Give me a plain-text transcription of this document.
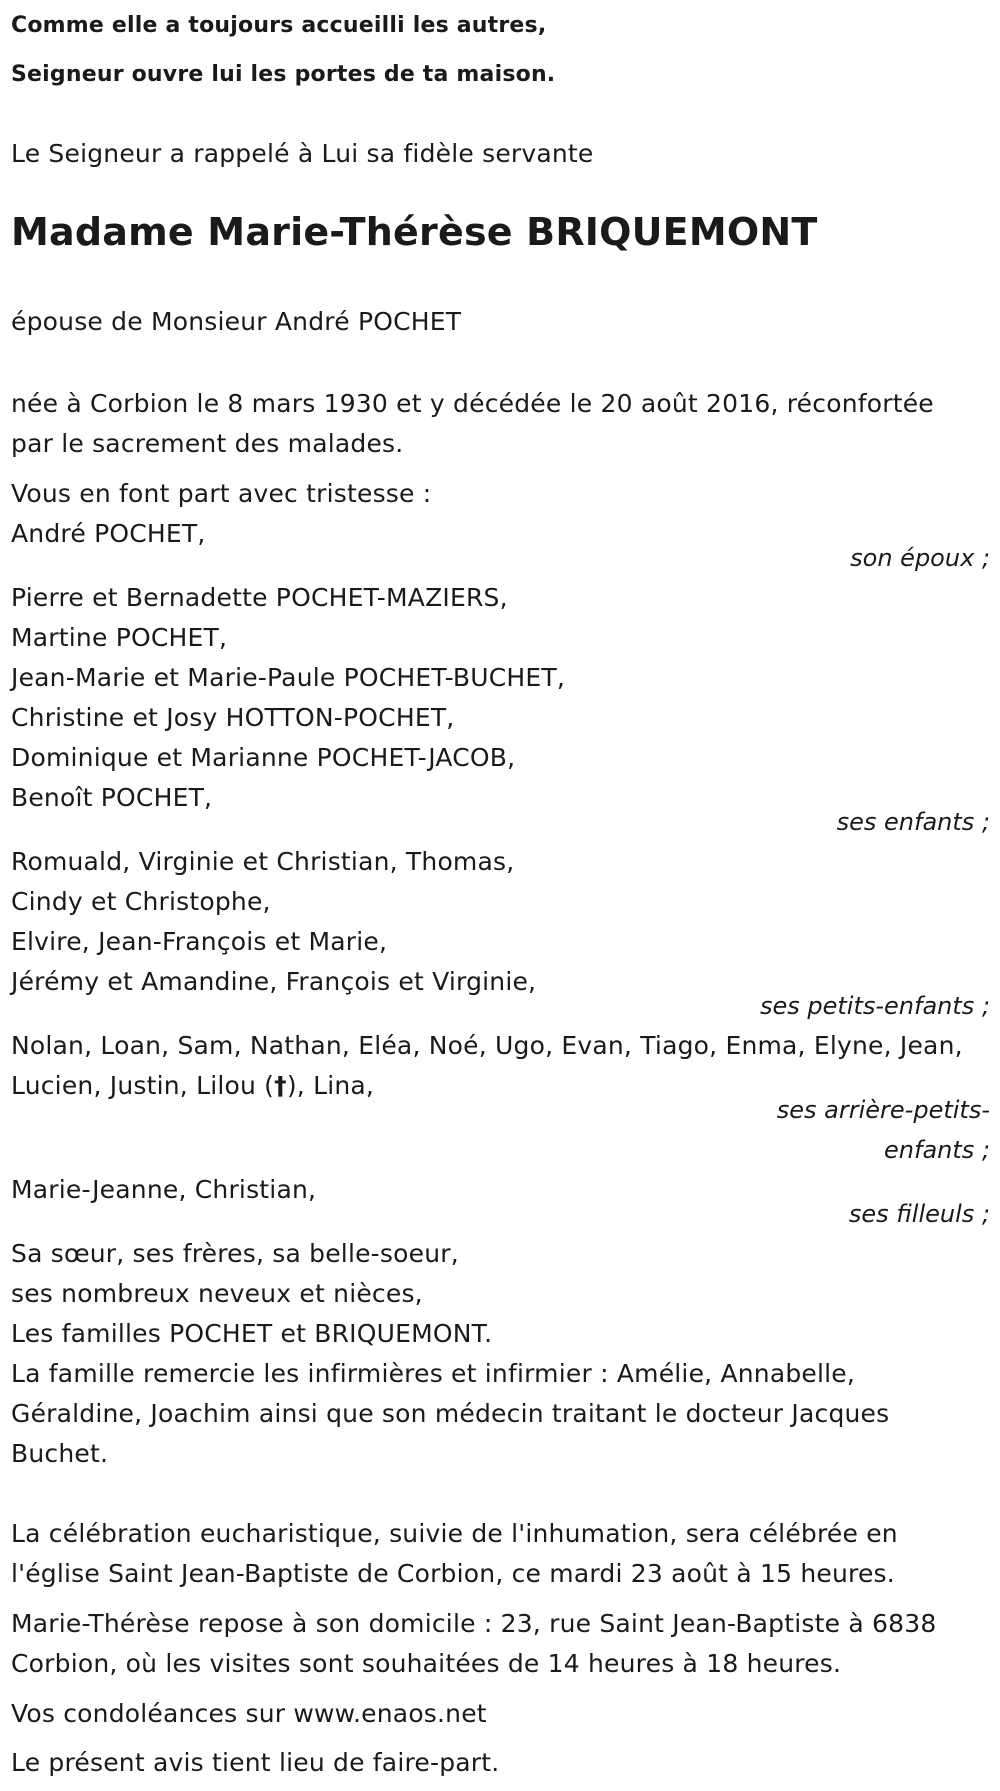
Comme elle a toujours accueilli les autres,
Seigneur ouvre lui les portes de ta maison.
Le Seigneur a rappelé à Lui sa fidèle servante
Madame Marie-Thérèse BRIQUEMONT
épouse de Monsieur André POCHET
née à Corbion le 8 mars 1930 et y décédée le 20 août 2016, réconfortée
par le sacrement des malades.
Vous en font part avec tristesse :
André POCHET,
son époux ;
Pierre et Bernadette POCHET-MAZIERS,
Martine POCHET,
Jean-Marie et Marie-Paule POCHET-BUCHET,
Christine et Josy HOTTON-POCHET,
Dominique et Marianne POCHET-JACOB,
Benoît POCHET,
ses enfants ;
Romuald, Virginie et Christian, Thomas,
Cindy et Christophe,
Elvire, Jean-François et Marie,
Jérémy et Amandine, François et Virginie,
ses petits-enfants ;
Nolan, Loan, Sam, Nathan, Eléa, Noé, Ugo, Evan, Tiago, Enma, Elyne, Jean,
Lucien, Justin, Lilou (†), Lina,
ses arrière-petits-
enfants ;
Marie-Jeanne, Christian,
ses filleuls ;
Sa sœur, ses frères, sa belle-soeur,
ses nombreux neveux et nièces,
Les familles POCHET et BRIQUEMONT.
La famille remercie les infirmières et infirmier : Amélie, Annabelle,
Géraldine, Joachim ainsi que son médecin traitant le docteur Jacques
Buchet.
La célébration eucharistique, suivie de l'inhumation, sera célébrée en
l'église Saint Jean-Baptiste de Corbion, ce mardi 23 août à 15 heures.
Marie-Thérèse repose à son domicile : 23, rue Saint Jean-Baptiste à 6838
Corbion, où les visites sont souhaitées de 14 heures à 18 heures.
Vos condoléances sur www.enaos.net
Le présent avis tient lieu de faire-part.
